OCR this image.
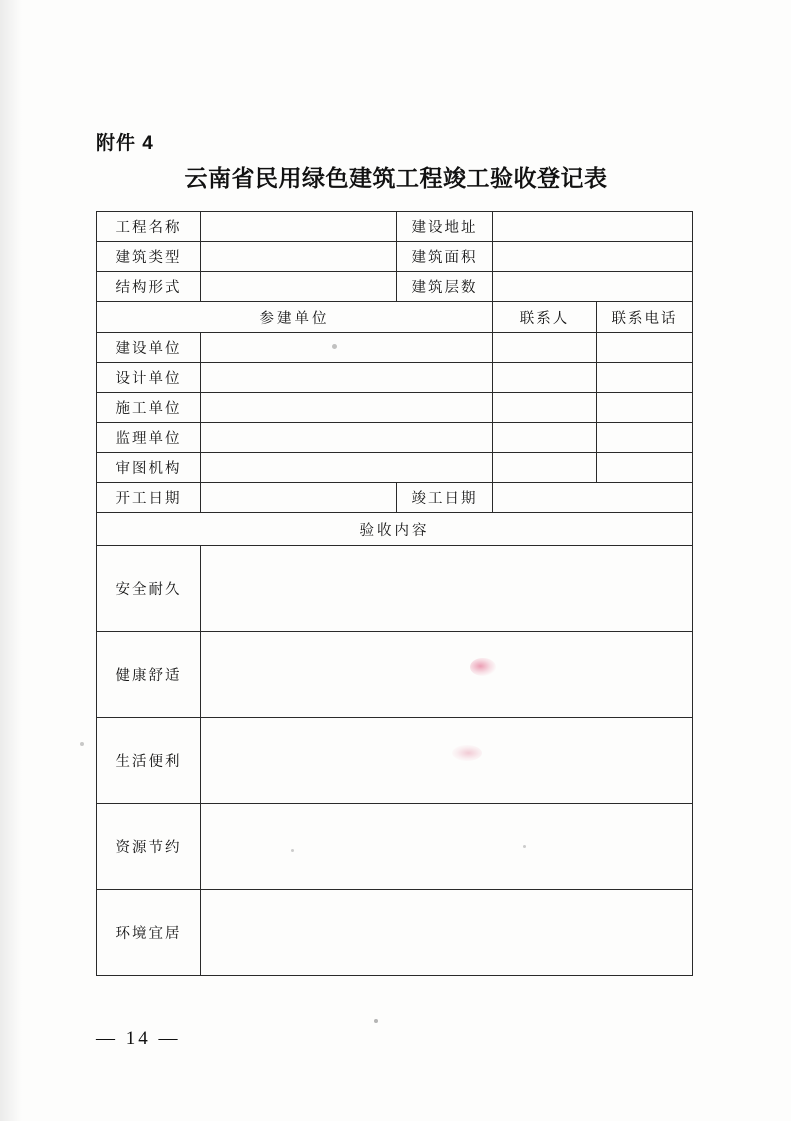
附件 4
云南省民用绿色建筑工程竣工验收登记表
工程名称		建设地址		
建筑类型		建筑面积		
结构形式		建筑层数		
参建单位			联系人	联系电话
建设单位				
设计单位				
施工单位				
监理单位				
审图机构				
开工日期		竣工日期		
验收内容				
安全耐久				
健康舒适				
生活便利				
资源节约				
环境宜居				
— 14 —
